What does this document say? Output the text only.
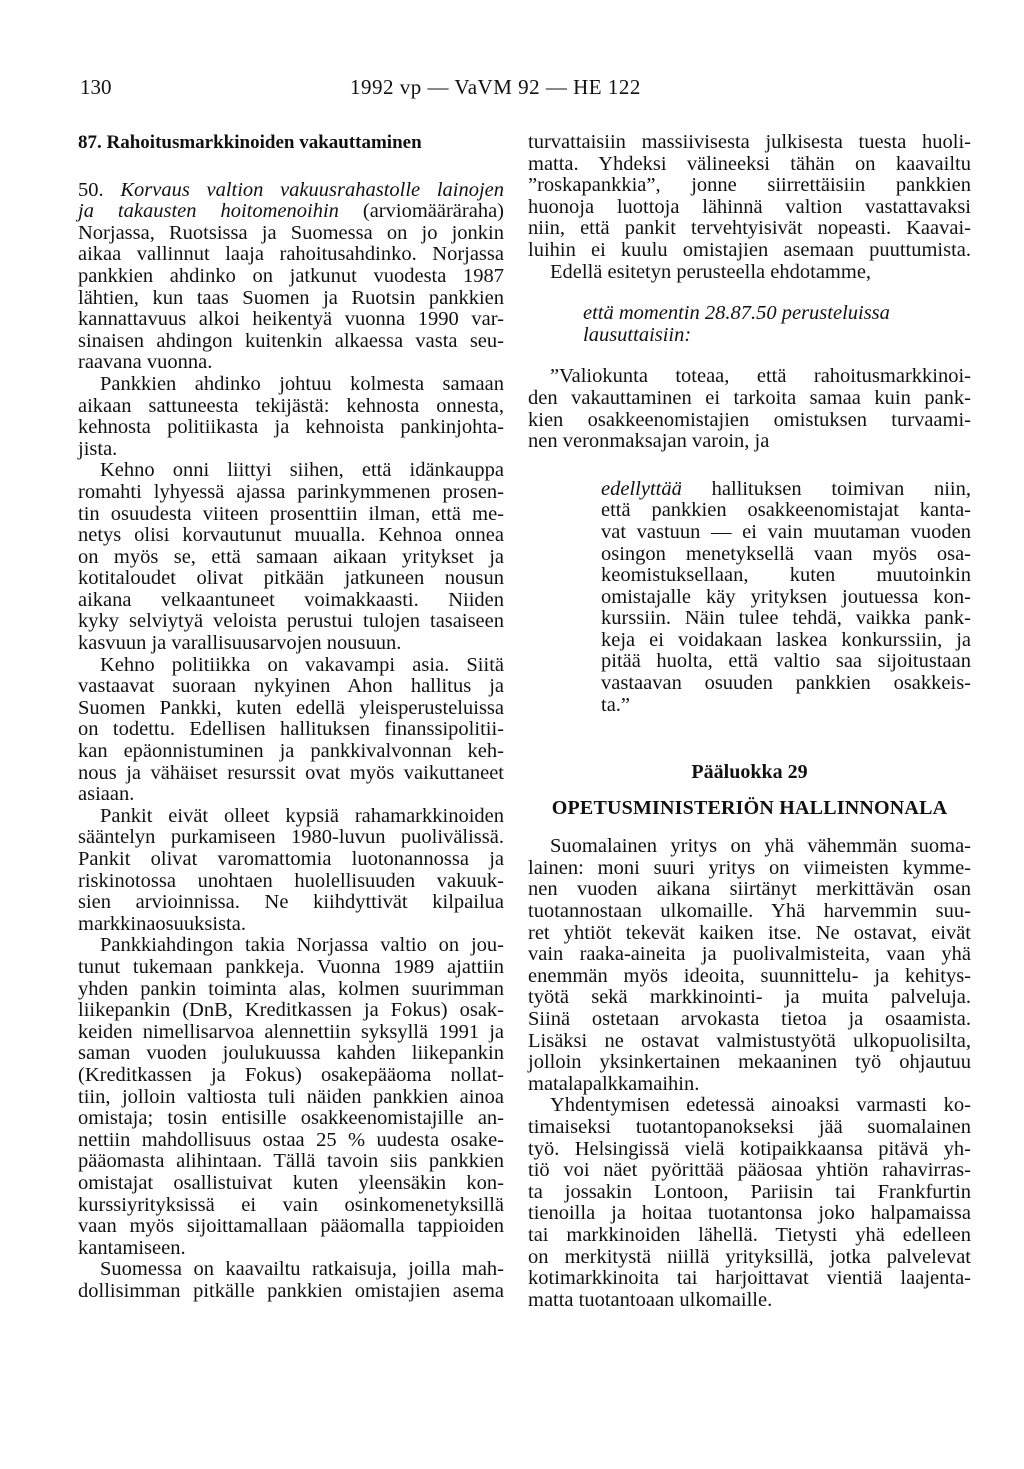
130	1992 vp — VaVM 92 — HE 122
87. Rahoitusmarkkinoiden vakauttaminen
50. Korvaus valtion vakuusrahastolle lainojen
ja takausten hoitomenoihin (arviomääräraha)
Norjassa, Ruotsissa ja Suomessa on jo jonkin
aikaa vallinnut laaja rahoitusahdinko. Norjassa
pankkien ahdinko on jatkunut vuodesta 1987
lähtien, kun taas Suomen ja Ruotsin pankkien
kannattavuus alkoi heikentyä vuonna 1990 var-
sinaisen ahdingon kuitenkin alkaessa vasta seu-
raavana vuonna.
Pankkien ahdinko johtuu kolmesta samaan
aikaan sattuneesta tekijästä: kehnosta onnesta,
kehnosta politiikasta ja kehnoista pankinjohta-
jista.
Kehno onni liittyi siihen, että idänkauppa
romahti lyhyessä ajassa parinkymmenen prosen-
tin osuudesta viiteen prosenttiin ilman, että me-
netys olisi korvautunut muualla. Kehnoa onnea
on myös se, että samaan aikaan yritykset ja
kotitaloudet olivat pitkään jatkuneen nousun
aikana velkaantuneet voimakkaasti. Niiden
kyky selviytyä veloista perustui tulojen tasaiseen
kasvuun ja varallisuusarvojen nousuun.
Kehno politiikka on vakavampi asia. Siitä
vastaavat suoraan nykyinen Ahon hallitus ja
Suomen Pankki, kuten edellä yleisperusteluissa
on todettu. Edellisen hallituksen finanssipolitii-
kan epäonnistuminen ja pankkivalvonnan keh-
nous ja vähäiset resurssit ovat myös vaikuttaneet
asiaan.
Pankit eivät olleet kypsiä rahamarkkinoiden
sääntelyn purkamiseen 1980-luvun puolivälissä.
Pankit olivat varomattomia luotonannossa ja
riskinotossa unohtaen huolellisuuden vakuuk-
sien arvioinnissa. Ne kiihdyttivät kilpailua
markkinaosuuksista.
Pankkiahdingon takia Norjassa valtio on jou-
tunut tukemaan pankkeja. Vuonna 1989 ajattiin
yhden pankin toiminta alas, kolmen suurimman
liikepankin (DnB, Kreditkassen ja Fokus) osak-
keiden nimellisarvoa alennettiin syksyllä 1991 ja
saman vuoden joulukuussa kahden liikepankin
(Kreditkassen ja Fokus) osakepääoma nollat-
tiin, jolloin valtiosta tuli näiden pankkien ainoa
omistaja; tosin entisille osakkeenomistajille an-
nettiin mahdollisuus ostaa 25 % uudesta osake-
pääomasta alihintaan. Tällä tavoin siis pankkien
omistajat osallistuivat kuten yleensäkin kon-
kurssiyrityksissä ei vain osinkomenetyksillä
vaan myös sijoittamallaan pääomalla tappioiden
kantamiseen.
Suomessa on kaavailtu ratkaisuja, joilla mah-
dollisimman pitkälle pankkien omistajien asema
turvattaisiin massiivisesta julkisesta tuesta huoli-
matta. Yhdeksi välineeksi tähän on kaavailtu
”roskapankkia”, jonne siirrettäisiin pankkien
huonoja luottoja lähinnä valtion vastattavaksi
niin, että pankit tervehtyisivät nopeasti. Kaavai-
luihin ei kuulu omistajien asemaan puuttumista.
Edellä esitetyn perusteella ehdotamme,
että momentin 28.87.50 perusteluissa
lausuttaisiin:
”Valiokunta toteaa, että rahoitusmarkkinoi-
den vakauttaminen ei tarkoita samaa kuin pank-
kien osakkeenomistajien omistuksen turvaami-
nen veronmaksajan varoin, ja
edellyttää hallituksen toimivan niin,
että pankkien osakkeenomistajat kanta-
vat vastuun — ei vain muutaman vuoden
osingon menetyksellä vaan myös osa-
keomistuksellaan, kuten muutoinkin
omistajalle käy yrityksen joutuessa kon-
kurssiin. Näin tulee tehdä, vaikka pank-
keja ei voidakaan laskea konkurssiin, ja
pitää huolta, että valtio saa sijoitustaan
vastaavan osuuden pankkien osakkeis-
ta.”
Pääluokka 29
OPETUSMINISTERIÖN HALLINNONALA
Suomalainen yritys on yhä vähemmän suoma-
lainen: moni suuri yritys on viimeisten kymme-
nen vuoden aikana siirtänyt merkittävän osan
tuotannostaan ulkomaille. Yhä harvemmin suu-
ret yhtiöt tekevät kaiken itse. Ne ostavat, eivät
vain raaka-aineita ja puolivalmisteita, vaan yhä
enemmän myös ideoita, suunnittelu- ja kehitys-
työtä sekä markkinointi- ja muita palveluja.
Siinä ostetaan arvokasta tietoa ja osaamista.
Lisäksi ne ostavat valmistustyötä ulkopuolisilta,
jolloin yksinkertainen mekaaninen työ ohjautuu
matalapalkkamaihin.
Yhdentymisen edetessä ainoaksi varmasti ko-
timaiseksi tuotantopanokseksi jää suomalainen
työ. Helsingissä vielä kotipaikkaansa pitävä yh-
tiö voi näet pyörittää pääosaa yhtiön rahavirras-
ta jossakin Lontoon, Pariisin tai Frankfurtin
tienoilla ja hoitaa tuotantonsa joko halpamaissa
tai markkinoiden lähellä. Tietysti yhä edelleen
on merkitystä niillä yrityksillä, jotka palvelevat
kotimarkkinoita tai harjoittavat vientiä laajenta-
matta tuotantoaan ulkomaille.
